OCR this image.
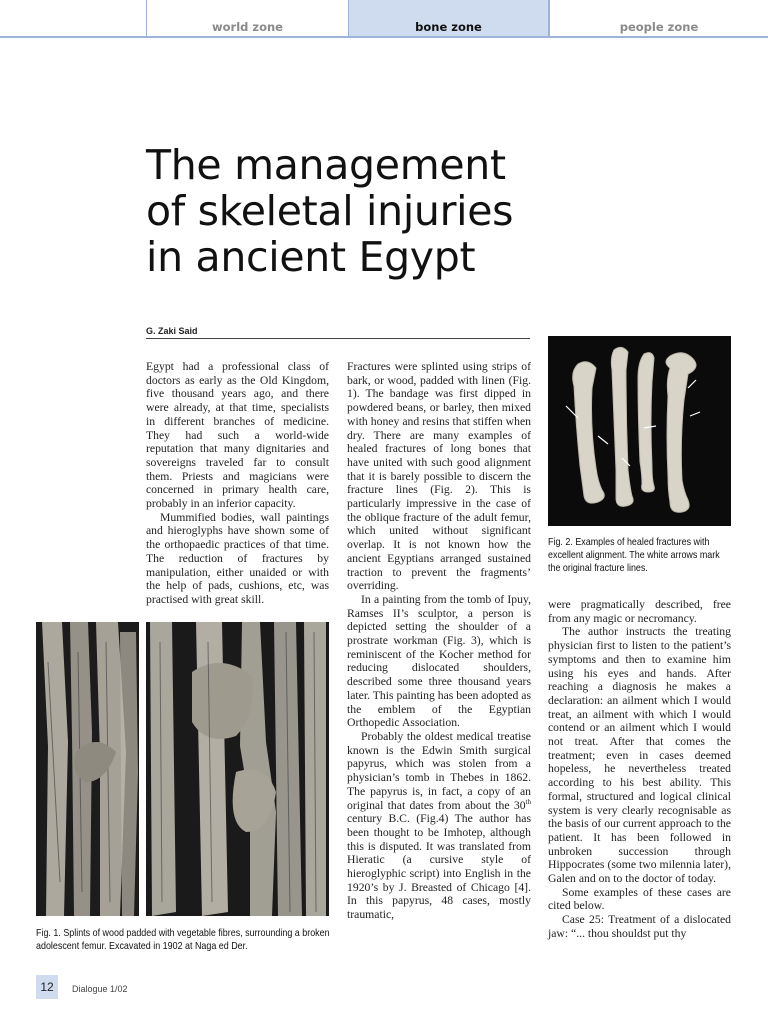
world zone	bone zone	people zone
The management
of skeletal injuries
in ancient Egypt
G. Zaki Said

Egypt had a professional class of doctors as early as the Old Kingdom, five thousand years ago, and there were already, at that time, specialists in different branches of medicine. They had such a world-wide reputation that many dignitaries and sovereigns traveled far to consult them. Priests and magicians were concerned in primary health care, probably in an inferior capacity.

Mummified bodies, wall paintings and hieroglyphs have shown some of the orthopaedic practices of that time. The reduction of fractures by manipulation, either unaided or with the help of pads, cushions, etc, was practised with great skill.

Fractures were splinted using strips of bark, or wood, padded with linen (Fig. 1). The bandage was first dipped in powdered beans, or barley, then mixed with honey and resins that stiffen when dry. There are many examples of healed fractures of long bones that have united with such good alignment that it is barely possible to discern the fracture lines (Fig. 2). This is particularly impressive in the case of the oblique fracture of the adult femur, which united without significant overlap. It is not known how the ancient Egyptians arranged sustained traction to prevent the fragments’ overriding.

In a painting from the tomb of Ipuy, Ramses II’s sculptor, a person is depicted setting the shoulder of a prostrate workman (Fig. 3), which is reminiscent of the Kocher method for reducing dislocated shoulders, described some three thousand years later. This painting has been adopted as the emblem of the Egyptian Orthopedic Association.

Probably the oldest medical treatise known is the Edwin Smith surgical papyrus, which was stolen from a physician’s tomb in Thebes in 1862. The papyrus is, in fact, a copy of an original that dates from about the 30th century B.C. (Fig.4) The author has been thought to be Imhotep, although this is disputed. It was translated from Hieratic (a cursive style of hieroglyphic script) into English in the 1920’s by J. Breasted of Chicago [4]. In this papyrus, 48 cases, mostly traumatic,

Fig. 2. Examples of healed fractures with excellent alignment. The white arrows mark the original fracture lines.

were pragmatically described, free from any magic or necromancy.

The author instructs the treating physician first to listen to the patient’s symptoms and then to examine him using his eyes and hands. After reaching a diagnosis he makes a declaration: an ailment which I would treat, an ailment with which I would contend or an ailment which I would not treat. After that comes the treatment; even in cases deemed hopeless, he nevertheless treated according to his best ability. This formal, structured and logical clinical system is very clearly recognisable as the basis of our current approach to the patient. It has been followed in unbroken succession through Hippocrates (some two milennia later), Galen and on to the doctor of today.

Some examples of these cases are cited below.

Case 25: Treatment of a dislocated jaw: “... thou shouldst put thy

Fig. 1. Splints of wood padded with vegetable fibres, surrounding a broken adolescent femur. Excavated in 1902 at Naga ed Der.
12	Dialogue 1/02
